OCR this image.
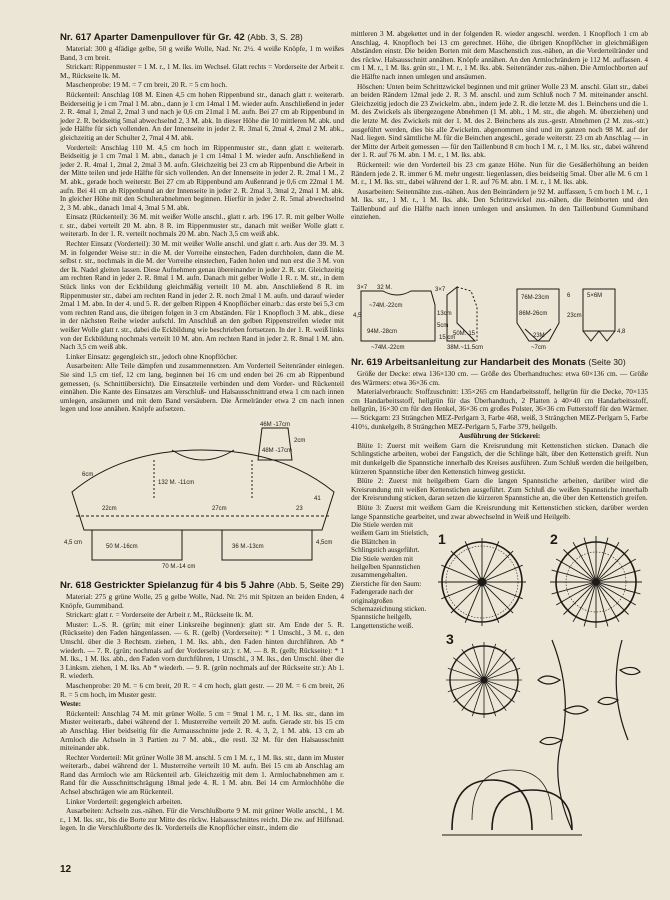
Nr. 617 Aparter Damenpullover für Gr. 42 (Abb. 3, S. 28)

Material: 300 g 4fädige gelbe, 50 g weiße Wolle, Nad. Nr. 2½. 4 weiße Knöpfe, 1 m weißes Band, 3 cm breit.

Strickart: Rippenmuster = 1 M. r., 1 M. lks. im Wechsel. Glatt rechts = Vorderseite der Arbeit r. M., Rückseite lk. M.

Maschenprobe: 19 M. = 7 cm breit, 20 R. = 5 cm hoch.

Rückenteil: Anschlag 108 M. Einen 4,5 cm hohen Rippenbund str., danach glatt r. weiterarb. Beiderseitig je i cm 7mal 1 M. abn., dann je 1 cm 14mal 1 M. wieder aufn. Anschließend in jeder 2. R. 4mal 1, 2mal 2, 2mal 3 und nach je 0,6 cm 21mal 1 M. aufn. Bei 27 cm ab Rippenbund in jeder 2. R. beidseitig 5mal abwechselnd 2, 3 M. abk. In dieser Höhe die 10 mittleren M. abk. und jede Hälfte für sich vollenden. An der Innenseite in jeder 2. R. 3mal 6, 2mal 4, 2mal 2 M. abk., gleichzeitig an der Schulter 2, 7mal 4 M. abk.

Vorderteil: Anschlag 110 M. 4,5 cm hoch im Rippenmuster str., dann glatt r. weiterarb. Beidseitig je 1 cm 7mal 1 M. abn., danach je 1 cm 14mal 1 M. wieder aufn. Anschließend in jeder 2. R. 4mal 1, 2mal 2, 2mal 3 M. aufn. Gleichzeitig bei 23 cm ab Rippenbund die Arbeit in der Mitte teilen und jede Hälfte für sich vollenden. An der Innenseite in jeder 2. R. 2mal 1 M., 2 M. abk., gerade hoch weiterstr. Bei 27 cm ab Rippenbund am Außenrand je 0,6 cm 22mal 1 M. aufn. Bei 41 cm ab Rippenbund an der Innenseite in jeder 2. R. 2mal 3, 3mal 2, 2mal 1 M. abk. In gleicher Höhe mit den Schulterabnehmen beginnen. Hierfür in jeder 2. R. 5mal abwechselnd 2, 3 M. abk., danach 1mal 4, 3mal 5 M. abk.

Einsatz (Rückenteil): 36 M. mit weißer Wolle anschl., glatt r. arb. 196 17. R. mit gelber Wolle r. str., dabei verteilt 20 M. abn. 8 R. im Rippenmuster str., danach mit weißer Wolle glatt r. weiterarb. In der 1. R. verteilt nochmals 20 M. abn. Nach 3,5 cm weiß abk.

Rechter Einsatz (Vorderteil): 30 M. mit weißer Wolle anschl. und glatt r. arb. Aus der 39. M. 3 M. in folgender Weise str.: in die M. der Vorreihe einstechen, Faden durchholen, dann die M. selbst r. str., nochmals in die M. der Vorreihe einstechen, Faden holen und nun erst die 3 M. von der lk. Nadel gleiten lassen. Diese Aufnehmen genau übereinander in jeder 2. R. str. Gleichzeitig am rechten Rand in jeder 2. R. 8mal 1 M. aufn. Danach mit gelber Wolle 1 R. r. M. str., in dem Stück links von der Eckbildung gleichmäßig verteilt 10 M. abn. Anschließend 8 R. im Rippenmuster str., dabei am rechten Rand in jeder 2. R. noch 2mal 1 M. aufn. und darauf wieder 2mal 1 M. abn. In der 4. und 5. R. der gelben Rippen 4 Knopflöcher einarb.: das erste bei 5,3 cm vom rechten Rand aus, die übrigen folgen in 3 cm Abständen. Für 1 Knopfloch 3 M. abk., diese in der nächsten Reihe wieder aufschl. Im Anschluß an den gelben Rippenstreifen wieder mit weißer Wolle glatt r. str., dabei die Eckbildung wie beschrieben fortsetzen. In der 1. R. weiß links von der Eckbildung nochmals verteilt 10 M. abn. Am rechten Rand in jeder 2. R. 8mal 1 M. abn. Nach 3,5 cm weiß abk.

Linker Einsatz: gegengleich str., jedoch ohne Knopflöcher.

Ausarbeiten: Alle Teile dämpfen und zusammennetzen. Am Vorderteil Seitenränder einlegen. Sie sind 1,5 cm tief, 12 cm lang, beginnen bei 16 cm und enden bei 26 cm ab Rippenbund gemessen, (s. Schnittübersicht). Die Einsatzteile verbinden und dem Vorder- und Rückenteil einnähen. Die Kante des Einsatzes am Verschluß- und Halsausschnittrand etwa 1 cm nach innen umlegen, ansäumen und mit dem Band versäubern. Die Ärmelränder etwa 2 cm nach innen legen und lose annähen. Knöpfe aufsetzen.

46M -17cm
48M -17cm
2cm
132 M. -11cm
6cm
22cm	27cm	23
41
4,5 cm	4,5cm
50 M.-16cm	36 M.-13cm
70 M.-14 cm
Nr. 618 Gestrickter Spielanzug für 4 bis 5 Jahre (Abb. 5, Seite 29)

Material: 275 g grüne Wolle, 25 g gelbe Wolle, Nad. Nr. 2½ mit Spitzen an beiden Enden, 4 Knöpfe, Gummiband.

Strickart: glatt r. = Vorderseite der Arbeit r. M., Rückseite lk. M.

Muster: L.-S. R. (grün; mit einer Linksreihe beginnen): glatt str. Am Ende der 5. R. (Rückseite) den Faden hängenlassen. — 6. R. (gelb) (Vorderseite): * 1 Umschl., 3 M. r., den Umschl. über die 3 Rechtsm. ziehen, 1 M. lks. abh., den Faden hinten durchführen. Ab * wiederh. — 7. R. (grün; nochmals auf der Vorderseite str.): r. M. — 8. R. (gelb; Rückseite): * 1 M. lks., 1 M. lks. abh., den Faden vorn durchführen, 1 Umschl., 3 M. lks., den Umschl. über die 3 Linksm. ziehen, 1 M. lks. Ab * wiederh. — 9. R. (grün nochmals auf der Rückseite str.): Ab 1. R. wiederh.

Maschenprobe: 20 M. = 6 cm breit, 20 R. = 4 cm hoch, glatt gestr. — 20 M. = 6 cm breit, 26 R. = 5 cm hoch, im Muster gestr.

Weste:

Rückenteil: Anschlag 74 M. mit grüner Wolle. 5 cm = 9mal 1 M. r., 1 M. lks. str., dann im Muster weiterarb., dabei während der 1. Musterreihe verteilt 20 M. aufn. Gerade str. bis 15 cm ab Anschlag. Hier beidseitig für die Armausschnitte jede 2. R. 4, 3, 2, 1 M. abk. 13 cm ab Armloch die Achseln in 3 Partien zu 7 M. abk., die restl. 32 M. für den Halsausschnitt miteinander abk.

Rechter Vorderteil: Mit grüner Wolle 38 M. anschl. 5 cm 1 M. r., 1 M. lks. str., dann im Muster weiterarb., dabei während der 1. Musterreihe verteilt 10 M. aufn. Bei 15 cm ab Anschlag am Rand das Armloch wie am Rückenteil arb. Gleichzeitig mit dem 1. Armlochabnehmen am r. Rand für die Ausschnittschrägung 18mal jede 4. R. 1 M. abn. Bei 14 cm Armlochhöhe die Achsel abschrägen wie am Rückenteil.

Linker Vorderteil: gegengleich arbeiten.

Ausarbeiten: Achseln zus.-nähen. Für die Verschlußborte 9 M. mit grüner Wolle anschl., 1 M. r., 1 M. lks. str., bis die Borte zur Mitte des rückw. Halsausschnittes reicht. Die zw. auf Hilfsnad. legen. In die Verschlußborte des lk. Vorderteils die Knopflöcher einstr., indem die

mittleren 3 M. abgekettet und in der folgenden R. wieder angeschl. werden. 1 Knopfloch 1 cm ab Anschlag, 4. Knopfloch bei 13 cm gerechnet. Höhe, die übrigen Knopflöcher in gleichmäßigen Abständen einstr. Die beiden Borten mit dem Maschenstich zus.-nähen, an die Vorderteilränder und des rückw. Halsausschnitt annähen. Knöpfe annähen. An den Armlochrändern je 112 M. auffassen. 4 cm 1 M. r., 1 M. lks. grün str., 1 M. r., 1 M. lks. abk. Seitenränder zus.-nähen. Die Armlochborten auf die Hälfte nach innen umlegen und ansäumen.

Höschen: Unten beim Schrittzwickel beginnen und mit grüner Wolle 23 M. anschl. Glatt str., dabei an beiden Rändern 12mal jede 2. R. 3 M. anschl. und zum Schluß noch 7 M. miteinander anschl. Gleichzeitig jedoch die 23 Zwickelm. abn., indem jede 2. R. die letzte M. des 1. Beinchens und die 1. M. des Zwickels als übergezogene Abnehmen (1 M. abh., 1 M. str., die abgeh. M. überziehen) und die letzte M. des Zwickels mit der 1. M. des 2. Beinchens als zus.-gestr. Abnehmen (2 M. zus.-str.) ausgeführt werden, dies bis alle Zwickelm. abgenommen sind und im ganzen noch 98 M. auf der Nad. liegen. Sind sämtliche M. für die Beinchen angeschl., gerade weiterstr. 23 cm ab Anschlag — in der Mitte der Arbeit gemessen — für den Taillenbund 8 cm hoch 1 M. r., 1 M. lks. str., dabei während der 1. R. auf 76 M. abn. 1 M. r., 1 M. lks. abk.

Rückenteil: wie den Vorderteil bis 23 cm ganze Höhe. Nun für die Gesäßerhöhung an beiden Rändern jede 2. R. immer 6 M. mehr ungestr. liegenlassen, dies beidseitig 5mal. Über alle M. 6 cm 1 M. r., 1 M. lks. str., dabei während der 1. R. auf 76 M. abn. 1 M. r., 1 M. lks. abk.

Ausarbeiten: Seitennähte zus.-nähen. Aus den Beinrändern je 92 M. auffassen, 5 cm hoch 1 M. r., 1 M. lks. str., 1 M. r., 1 M. lks. abk. Den Schrittzwickel zus.-nähen, die Beinborten und den Taillenbund auf die Hälfte nach innen umlegen und ansäumen. In den Taillenbund Gummiband einziehen.

3×7 32 M.	3×7
~74M.-22cm
94M.-28cm
~74M.-22cm
13cm
5cm
15 cm
4,5
50M.-15
38M.~11.5cm
76M-23cm
86M-26cm
23M
~7cm
5×6M
6
23cm
4,8
Nr. 619 Arbeitsanleitung zur Handarbeit des Monats (Seite 30)

Größe der Decke: etwa 136×130 cm. — Größe des Überhandtuches: etwa 60×136 cm. — Größe des Wärmers: etwa 36×36 cm.

Materialverbrauch: Stoffzuschnitt: 135×265 cm Handarbeitsstoff, hellgrün für die Decke, 70×135 cm Handarbeitsstoff, hellgrün für das Überhandtuch, 2 Platten à 40×40 cm Handarbeitsstoff, hellgrün, 16×30 cm für den Henkel, 36×36 cm großes Polster, 36×36 cm Futterstoff für den Wärmer. — Stickgarn: 23 Strängchen MEZ-Perlgarn 3, Farbe 468, weiß, 3 Strängchen MEZ-Perlgarn 5, Farbe 410½, dunkelgelb, 8 Strängchen MEZ-Perlgarn 5, Farbe 379, heilgelb.

Ausführung der Stickerei:

Blüte 1: Zuerst mit weißem Garn die Kreisrundung mit Kettenstichen sticken. Danach die Schlingstiche arbeiten, wobei der Fangstich, der die Schlinge hält, über den Kettenstich greift. Nun mit dunkelgelb die Spannstiche innerhalb des Kreises ausführen. Zum Schluß werden die heilgelben, kürzeren Spannstiche über den Kettenstich hinweg gestickt.

Blüte 2: Zuerst mit heilgelbem Garn die langen Spannstiche arbeiten, darüber wird die Kreisrundung mit weißen Kettenstichen ausgeführt. Zum Schluß die weißen Spannstiche innerhalb der Kreisrundung sticken, daran setzen die kürzeren Spannstiche an, die über den Kettenstich greifen.

Blüte 3: Zuerst mit weißem Garn die Kreisrundung mit Kettenstichen sticken, darüber werden lange Spannstiche gearbeitet, und zwar abwechselnd in Weiß und Heilgelb.

Die Stiele werden mit weißem Garn im Stielstich, die Blättchen in Schlingstich ausgeführt. Die Stiele werden mit heilgelben Spannstichen zusammengehalten. Zierstiche für den Saum: Fadengerade nach der originalgroßen Schemazeichnung sticken. Spannstiche heilgelb, Langettenstiche weiß.

1	2
3
12
